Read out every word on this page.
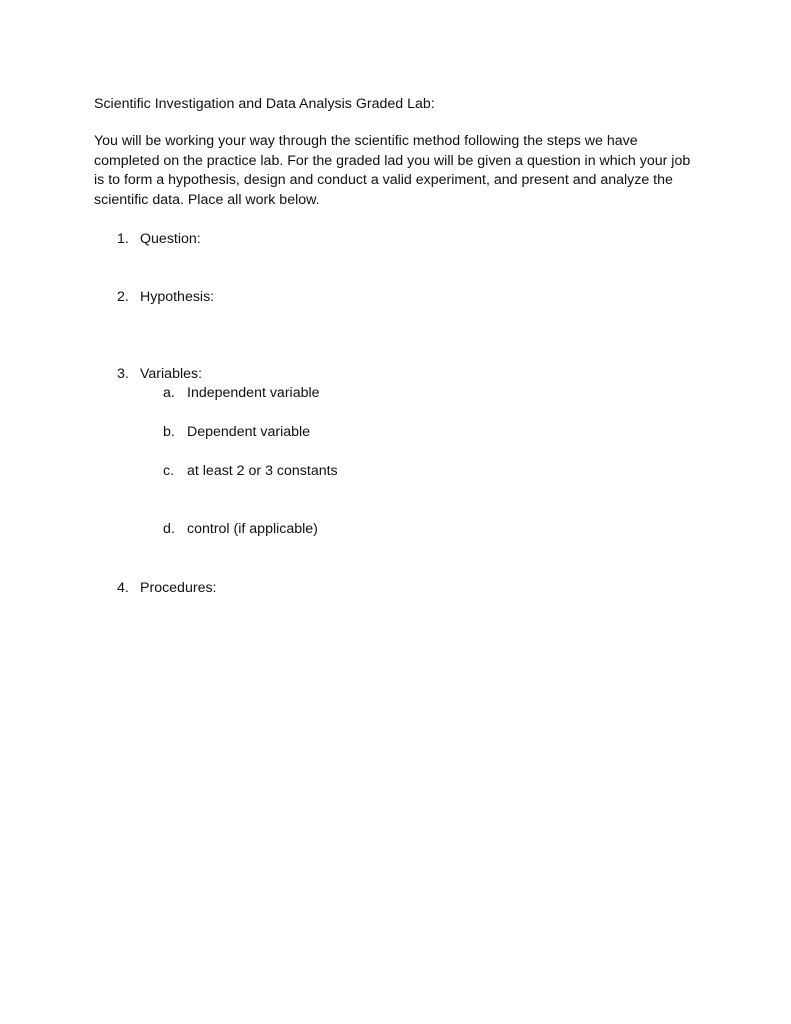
Scientific Investigation and Data Analysis Graded Lab:
You will be working your way through the scientific method following the steps we have
completed on the practice lab. For the graded lad you will be given a question in which your job
is to form a hypothesis, design and conduct a valid experiment, and present and analyze the
scientific data. Place all work below.
1. Question:
2. Hypothesis:
3. Variables:
a. Independent variable
b. Dependent variable
c. at least 2 or 3 constants
d. control (if applicable)
4. Procedures:
